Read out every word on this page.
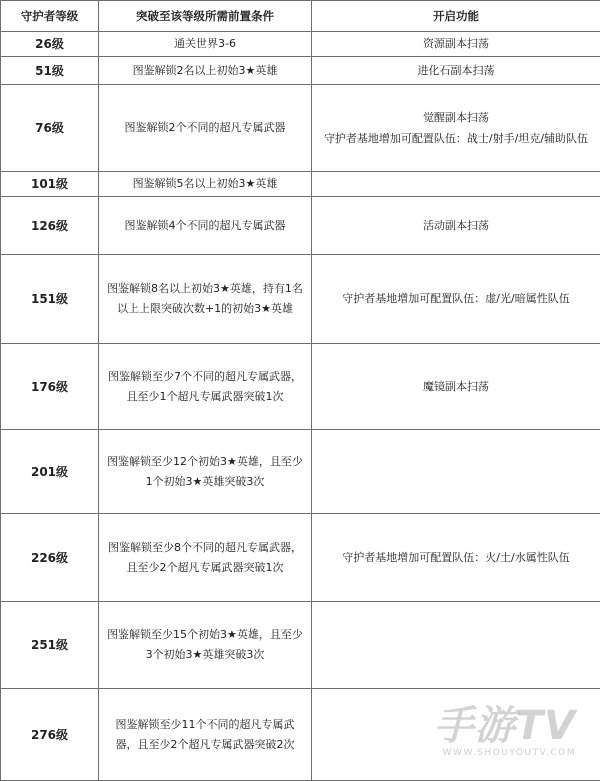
守护者等级	突破至该等级所需前置条件	开启功能
26级	通关世界3-6	资源副本扫荡
51级	图鉴解锁2名以上初始3★英雄	进化石副本扫荡
76级	图鉴解锁2个不同的超凡专属武器	觉醒副本扫荡
守护者基地增加可配置队伍：战士/射手/坦克/辅助队伍
101级	图鉴解锁5名以上初始3★英雄	
126级	图鉴解锁4个不同的超凡专属武器	活动副本扫荡
151级	图鉴解锁8名以上初始3★英雄，持有1名以上上限突破次数+1的初始3★英雄	守护者基地增加可配置队伍：虚/光/暗属性队伍
176级	图鉴解锁至少7个不同的超凡专属武器，且至少1个超凡专属武器突破1次	魔镜副本扫荡
201级	图鉴解锁至少12个初始3★英雄，且至少1个初始3★英雄突破3次	
226级	图鉴解锁至少8个不同的超凡专属武器，且至少2个超凡专属武器突破1次	守护者基地增加可配置队伍：火/土/水属性队伍
251级	图鉴解锁至少15个初始3★英雄，且至少3个初始3★英雄突破3次	
276级	图鉴解锁至少11个不同的超凡专属武器，且至少2个超凡专属武器突破2次		手游TV
WWW.SHOUYOUTV.COM
